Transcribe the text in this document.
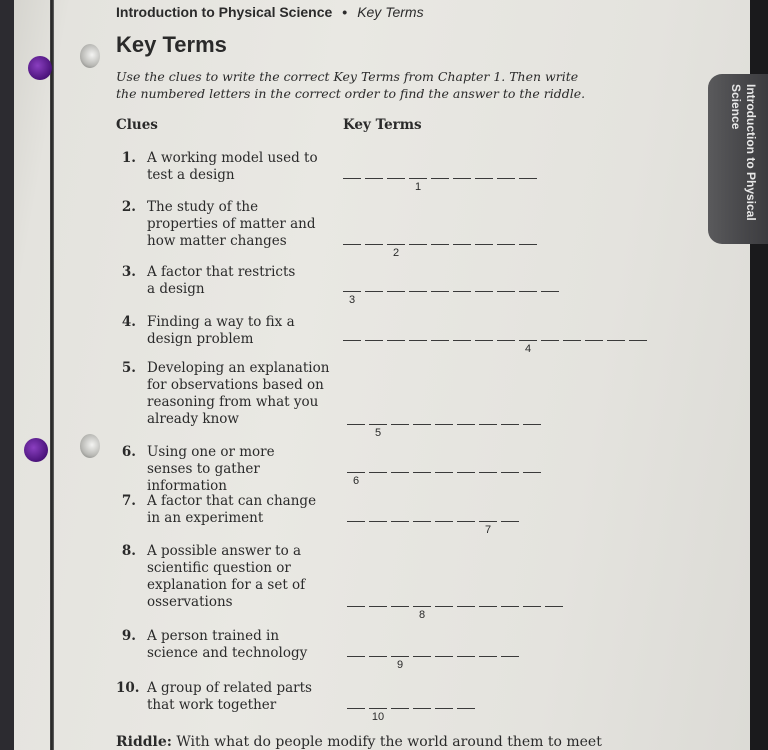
Introduction to Physical Science • Key Terms
Key Terms
Use the clues to write the correct Key Terms from Chapter 1. Then write the numbered letters in the correct order to find the answer to the riddle.
Clues	Key Terms
1. A working model used to test a design
2. The study of the properties of matter and how matter changes
3. A factor that restricts a design
4. Finding a way to fix a design problem
5. Developing an explanation for observations based on reasoning from what you already know
6. Using one or more senses to gather information
7. A factor that can change in an experiment
8. A possible answer to a scientific question or explanation for a set of osservations
9. A person trained in science and technology
10. A group of related parts that work together
1
2
3
4
5
6
7
8
9
10
Riddle: With what do people modify the world around them to meet
Introduction to Physical Science
